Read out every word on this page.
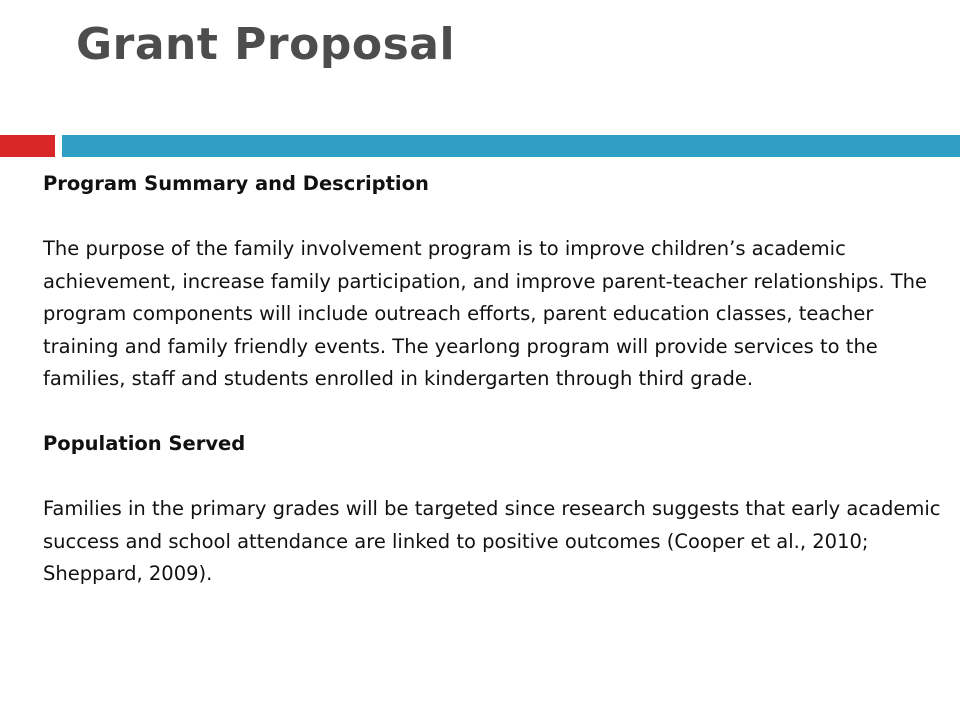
Grant Proposal

Program Summary and Description

The purpose of the family involvement program is to improve children’s academic achievement, increase family participation, and improve parent-teacher relationships. The program components will include outreach efforts, parent education classes, teacher training and family friendly events. The yearlong program will provide services to the families, staff and students enrolled in kindergarten through third grade.

Population Served

Families in the primary grades will be targeted since research suggests that early academic success and school attendance are linked to positive outcomes (Cooper et al., 2010; Sheppard, 2009).
